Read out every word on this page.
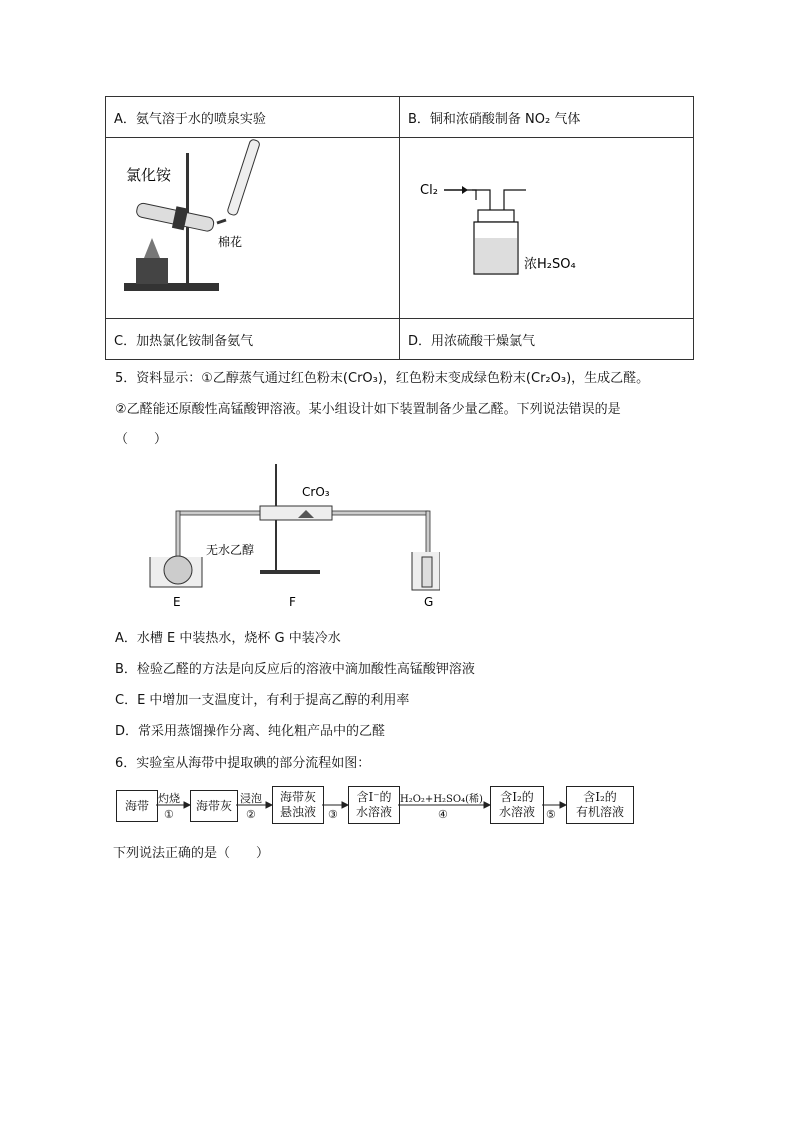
A．氨气溶于水的喷泉实验	B．铜和浓硝酸制备 NO₂ 气体

氯化铵
棉花	Cl₂
浓H₂SO₄

C．加热氯化铵制备氨气	D．用浓硫酸干燥氯气
5．资料显示：①乙醇蒸气通过红色粉末(CrO₃)，红色粉末变成绿色粉末(Cr₂O₃)，生成乙醛。
②乙醛能还原酸性高锰酸钾溶液。某小组设计如下装置制备少量乙醛。下列说法错误的是
（　　）
CrO₃
无水乙醇
E	F	G
A．水槽 E 中装热水，烧杯 G 中装冷水
B．检验乙醛的方法是向反应后的溶液中滴加酸性高锰酸钾溶液
C．E 中增加一支温度计，有利于提高乙醇的利用率
D．常采用蒸馏操作分离、纯化粗产品中的乙醛
6．实验室从海带中提取碘的部分流程如图：
海带	海带灰
海带灰
悬浊液
含I⁻的
水溶液
含I₂的
水溶液
含I₂的
有机溶液
灼烧
①
浸泡
②	③
H₂O₂+H₂SO₄(稀)
④	⑤
下列说法正确的是（　　）
